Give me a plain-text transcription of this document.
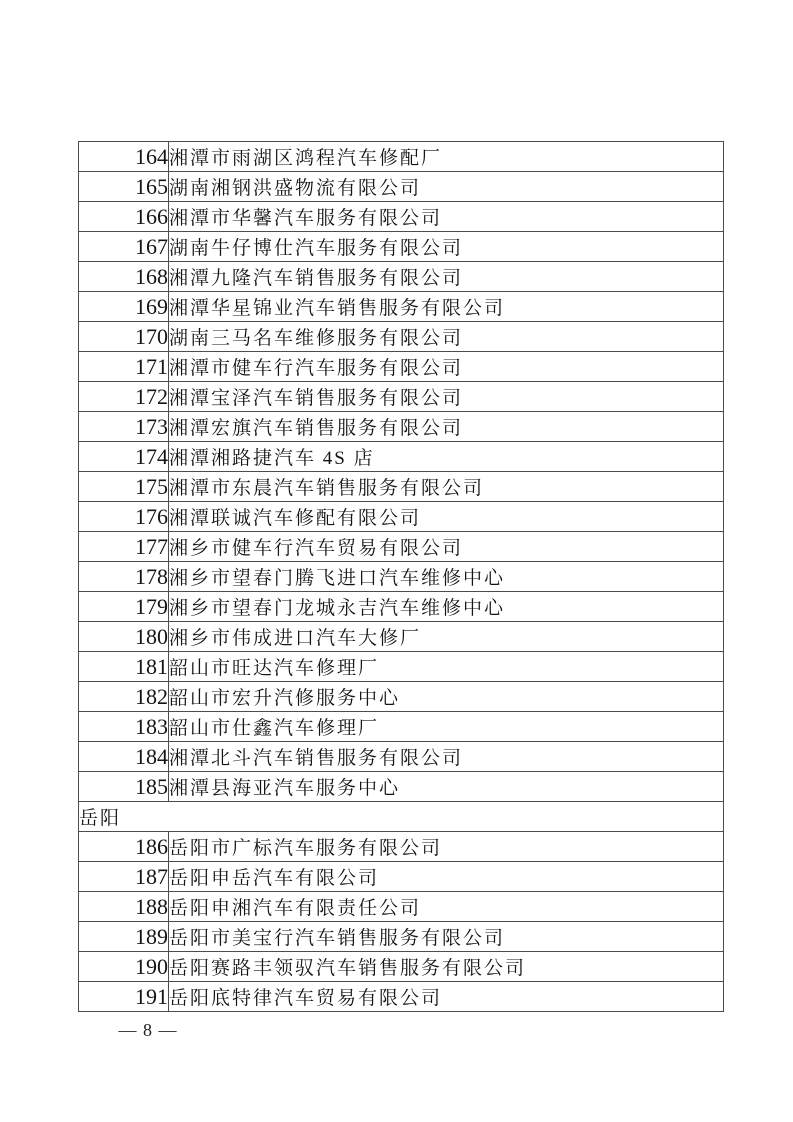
164	湘潭市雨湖区鸿程汽车修配厂
165	湖南湘钢洪盛物流有限公司
166	湘潭市华馨汽车服务有限公司
167	湖南牛仔博仕汽车服务有限公司
168	湘潭九隆汽车销售服务有限公司
169	湘潭华星锦业汽车销售服务有限公司
170	湖南三马名车维修服务有限公司
171	湘潭市健车行汽车服务有限公司
172	湘潭宝泽汽车销售服务有限公司
173	湘潭宏旗汽车销售服务有限公司
174	湘潭湘路捷汽车 4S 店
175	湘潭市东晨汽车销售服务有限公司
176	湘潭联诚汽车修配有限公司
177	湘乡市健车行汽车贸易有限公司
178	湘乡市望春门腾飞进口汽车维修中心
179	湘乡市望春门龙城永吉汽车维修中心
180	湘乡市伟成进口汽车大修厂
181	韶山市旺达汽车修理厂
182	韶山市宏升汽修服务中心
183	韶山市仕鑫汽车修理厂
184	湘潭北斗汽车销售服务有限公司
185	湘潭县海亚汽车服务中心
岳阳	
186	岳阳市广标汽车服务有限公司
187	岳阳申岳汽车有限公司
188	岳阳申湘汽车有限责任公司
189	岳阳市美宝行汽车销售服务有限公司
190	岳阳赛路丰领驭汽车销售服务有限公司
191	岳阳底特律汽车贸易有限公司
— 8 —
